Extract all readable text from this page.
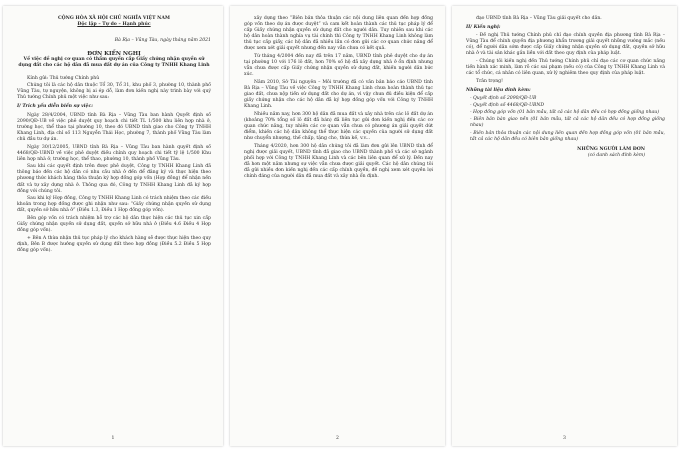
CỘNG HÒA XÃ HỘI CHỦ NGHĨA VIỆT NAM
Độc lập – Tự do – Hạnh phúc
Bà Rịa – Vũng Tàu, ngày tháng năm 2021
ĐƠN KIẾN NGHỊ
Về việc đề nghị cơ quan có thẩm quyền cấp Giấy chứng nhận quyền sử dụng đất cho các hộ dân đã mua đất dự án của Công ty TNHH Khang Linh
Kính gửi: Thủ tướng Chính phủ
Chúng tôi là các hộ dân thuộc Tổ 30, Tổ 31, khu phố 3, phường 10, thành phố Vũng Tàu, tự nguyện, không bị ai ép dỗ, làm đơn kiến nghị này trình bày với quý Thủ tướng Chính phủ một việc như sau:
I/ Trích yếu diễn biến sự việc:
Ngày 28/4/2004, UBND tỉnh Bà Rịa – Vũng Tàu ban hành Quyết định số 2090/QĐ-UB về việc phê duyệt quy hoạch chi tiết TL 1/500 khu liên hợp nhà ở, trường học, thể thao tại phường 10, theo đó UBND tỉnh giao cho Công ty TNHH Khang Linh, địa chỉ số 113 Nguyễn Thái Học, phường 7, thành phố Vũng Tàu làm chủ đầu tư dự án.
Ngày 30/12/2005, UBND tỉnh Bà Rịa – Vũng Tàu ban hành quyết định số 4468/QĐ-UBND về việc phê duyệt điều chỉnh quy hoạch chi tiết tỷ lệ 1/500 Khu liên hợp nhà ở, trường học, thể thao, phường 10, thành phố Vũng Tàu.
Sau khi các quyết định trên được phê duyệt, Công ty TNHH Khang Linh đã thông báo đến các hộ dân có nhu cầu nhà ở đến để đăng ký và thực hiện theo phương thức khách hàng thỏa thuận ký hợp đồng góp vốn (Hợp đồng) để nhận nền đất và tự xây dựng nhà ở. Thông qua đó, Công ty TNHH Khang Linh đã ký hợp đồng với chúng tôi.
Sau khi ký Hợp đồng, Công ty TNHH Khang Linh có trách nhiệm theo các điều khoản trong hợp đồng được ghi nhận như sau: “Giấy chứng nhận quyền sử dụng đất, quyền sở hữu nhà ở” (Điều 1.3, Điều 1 Hợp đồng góp vốn).
Bên góp vốn có trách nhiệm hỗ trợ các hộ dân thực hiện các thủ tục xin cấp Giấy chứng nhận quyền sử dụng đất, quyền sở hữu nhà ở (Điều 4.6 Điều 4 Hợp đồng góp vốn).
+ Bên A thừa nhận thủ tục pháp lý cho khách hàng sẽ được thực hiện theo quy định, Bên B được hưởng quyền sử dụng đất theo hợp đồng (Điều 5.2 Điều 5 Hợp đồng góp vốn).
1
xây dựng theo “Biên bản thỏa thuận các nội dung liên quan đến hợp đồng góp vốn theo dự án được duyệt” và cam kết hoàn thành các thủ tục pháp lý để cấp Giấy chứng nhận quyền sử dụng đất cho người dân. Tuy nhiên sau khi các hộ dân hoàn thành nghĩa vụ tài chính thì Công ty TNHH Khang Linh không làm thủ tục cấp giấy, các hộ dân đã nhiều lần có đơn gửi các cơ quan chức năng để được xem xét giải quyết nhưng đến nay vẫn chưa có kết quả.
Từ tháng 4/2004 đến nay đã trên 17 năm, UBND tỉnh phê duyệt cho dự án tại phường 10 với 176 lô đất, hơn 70% số hộ đã xây dựng nhà ở ổn định nhưng vẫn chưa được cấp Giấy chứng nhận quyền sử dụng đất, khiến người dân bức xúc.
Năm 2010, Sở Tài nguyên – Môi trường đã có văn bản báo cáo UBND tỉnh Bà Rịa – Vũng Tàu về việc Công ty TNHH Khang Linh chưa hoàn thành thủ tục giao đất, chưa nộp tiền sử dụng đất cho dự án, vì vậy chưa đủ điều kiện để cấp giấy chứng nhận cho các hộ dân đã ký hợp đồng góp vốn với Công ty TNHH Khang Linh.
Nhiều năm nay, hơn 300 hộ dân đã mua đất và xây nhà trên các lô đất dự án (khoảng 70% tổng số lô đất đã bán) đã liên tục gửi đơn kiến nghị đến các cơ quan chức năng, tuy nhiên các cơ quan vẫn chưa có phương án giải quyết dứt điểm, khiến các hộ dân không thể thực hiện các quyền của người sử dụng đất như chuyển nhượng, thế chấp, tặng cho, thừa kế, v.v...
Tháng 4/2020, hơn 300 hộ dân chúng tôi đã làm đơn gửi lên UBND tỉnh để nghị được giải quyết, UBND tỉnh đã giao cho UBND thành phố và các sở ngành phối hợp với Công ty TNHH Khang Linh và các bên liên quan để xử lý. Đến nay đã hơn một năm nhưng sự việc vẫn chưa được giải quyết. Các hộ dân chúng tôi đã gửi nhiều đơn kiến nghị đến các cấp chính quyền, đề nghị xem xét quyền lợi chính đáng của người dân đã mua đất và xây nhà ổn định.
2
đạo UBND tỉnh Bà Rịa – Vũng Tàu giải quyết cho dân.
II/ Kiến nghị:
- Đề nghị Thủ tướng Chính phủ chỉ đạo chính quyền địa phương tỉnh Bà Rịa – Vũng Tàu để chính quyền địa phương khẩn trương giải quyết những vướng mắc (nếu có), để người dân sớm được cấp Giấy chứng nhận quyền sử dụng đất, quyền sở hữu nhà ở và tài sản khác gắn liền với đất theo quy định của pháp luật.
- Chúng tôi kiến nghị đến Thủ tướng Chính phủ chỉ đạo các cơ quan chức năng tiến hành xác minh, làm rõ các sai phạm (nếu có) của Công ty TNHH Khang Linh và các tổ chức, cá nhân có liên quan, xử lý nghiêm theo quy định của pháp luật.
Trân trọng!
Những tài liệu đính kèm:
- Quyết định số 2090/QĐ-UB
- Quyết định số 4468/QĐ-UBND
- Hợp đồng góp vốn (01 bản mẫu, tất cả các hộ dân đều có hợp đồng giống nhau)
- Biên bản bàn giao nền (01 bản mẫu, tất cả các hộ dân đều có hợp đồng giống nhau)
- Biên bản thỏa thuận các nội dung liên quan đến hợp đồng góp vốn (01 bản mẫu, tất cả các hộ dân đều có biên bản giống nhau)
NHỮNG NGƯỜI LÀM ĐƠN
(có danh sách đính kèm)
3
